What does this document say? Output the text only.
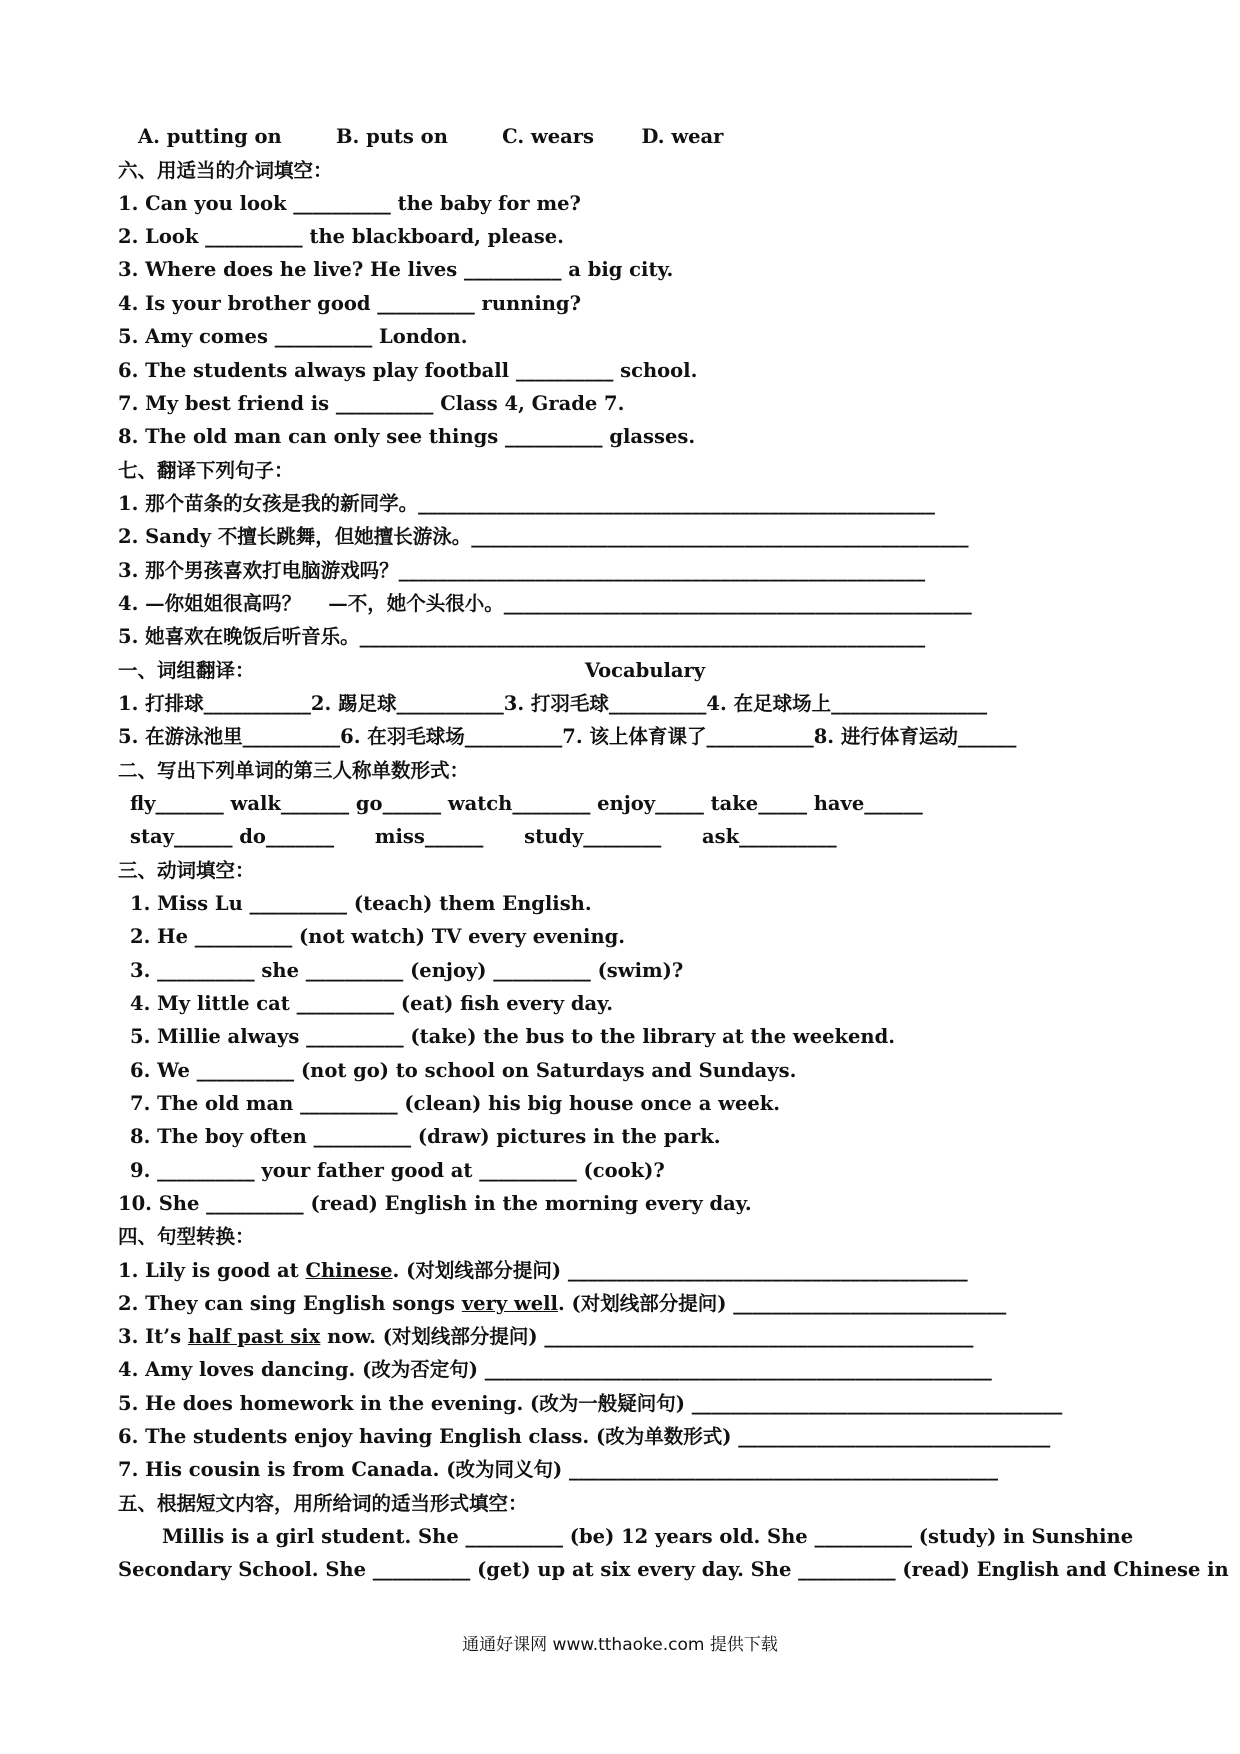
A. putting on        B. puts on        C. wears       D. wear
六、用适当的介词填空：
1. Can you look __________ the baby for me?
2. Look __________ the blackboard, please.
3. Where does he live? He lives __________ a big city.
4. Is your brother good __________ running?
5. Amy comes __________ London.
6. The students always play football __________ school.
7. My best friend is __________ Class 4, Grade 7.
8. The old man can only see things __________ glasses.
七、翻译下列句子：
1. 那个苗条的女孩是我的新同学。_____________________________________________________
2. Sandy 不擅长跳舞，但她擅长游泳。___________________________________________________
3. 那个男孩喜欢打电脑游戏吗？______________________________________________________
4. —你姐姐很高吗？    —不，她个头很小。________________________________________________
5. 她喜欢在晚饭后听音乐。__________________________________________________________
一、词组翻译：
1. 打排球___________2. 踢足球___________3. 打羽毛球__________4. 在足球场上________________
5. 在游泳池里__________6. 在羽毛球场__________7. 该上体育课了___________8. 进行体育运动______
二、写出下列单词的第三人称单数形式：
fly_______ walk_______ go______ watch________ enjoy_____ take_____ have______
stay______ do_______      miss______      study________      ask__________
三、动词填空：
1. Miss Lu __________ (teach) them English.
2. He __________ (not watch) TV every evening.
3. __________ she __________ (enjoy) __________ (swim)?
4. My little cat __________ (eat) fish every day.
5. Millie always __________ (take) the bus to the library at the weekend.
6. We __________ (not go) to school on Saturdays and Sundays.
7. The old man __________ (clean) his big house once a week.
8. The boy often __________ (draw) pictures in the park.
9. __________ your father good at __________ (cook)?
10. She __________ (read) English in the morning every day.
四、句型转换：
4. Amy loves dancing. (改为否定句) ____________________________________________________
5. He does homework in the evening. (改为一般疑问句) ______________________________________
6. The students enjoy having English class. (改为单数形式) ________________________________
7. His cousin is from Canada. (改为同义句) ____________________________________________
五、根据短文内容，用所给词的适当形式填空：
Millis is a girl student. She __________ (be) 12 years old. She __________ (study) in Sunshine
Secondary School. She __________ (get) up at six every day. She __________ (read) English and Chinese in
Vocabulary
1. Lily is good at Chinese. (对划线部分提问) _________________________________________
2. They can sing English songs very well. (对划线部分提问) ____________________________
通通好课网 www.tthaoke.com 提供下载
3. It’s half past six now. (对划线部分提问) ____________________________________________
